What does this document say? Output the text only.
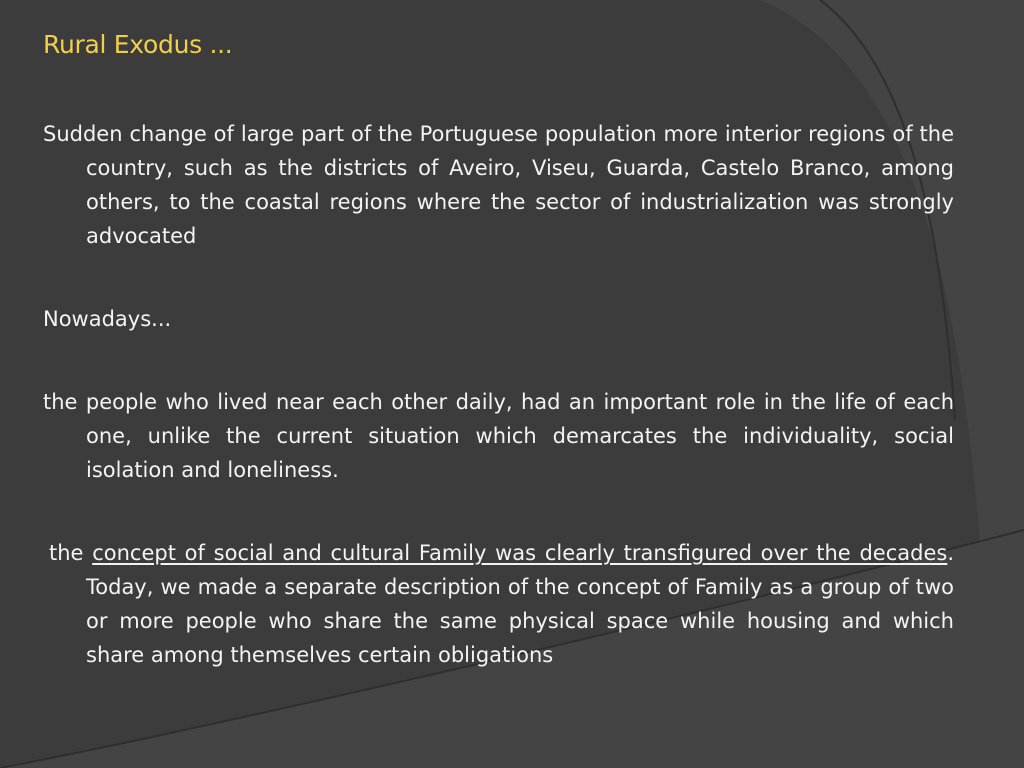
Rural Exodus ...

Sudden change of large part of the Portuguese population more interior regions of the country, such as the districts of Aveiro, Viseu, Guarda, Castelo Branco, among others, to the coastal regions where the sector of industrialization was strongly advocated

Nowadays...

the people who lived near each other daily, had an important role in the life of each one, unlike the current situation which demarcates the individuality, social isolation and loneliness.

the concept of social and cultural Family was clearly transfigured over the decades. Today, we made a separate description of the concept of Family as a group of two or more people who share the same physical space while housing and which share among themselves certain obligations
